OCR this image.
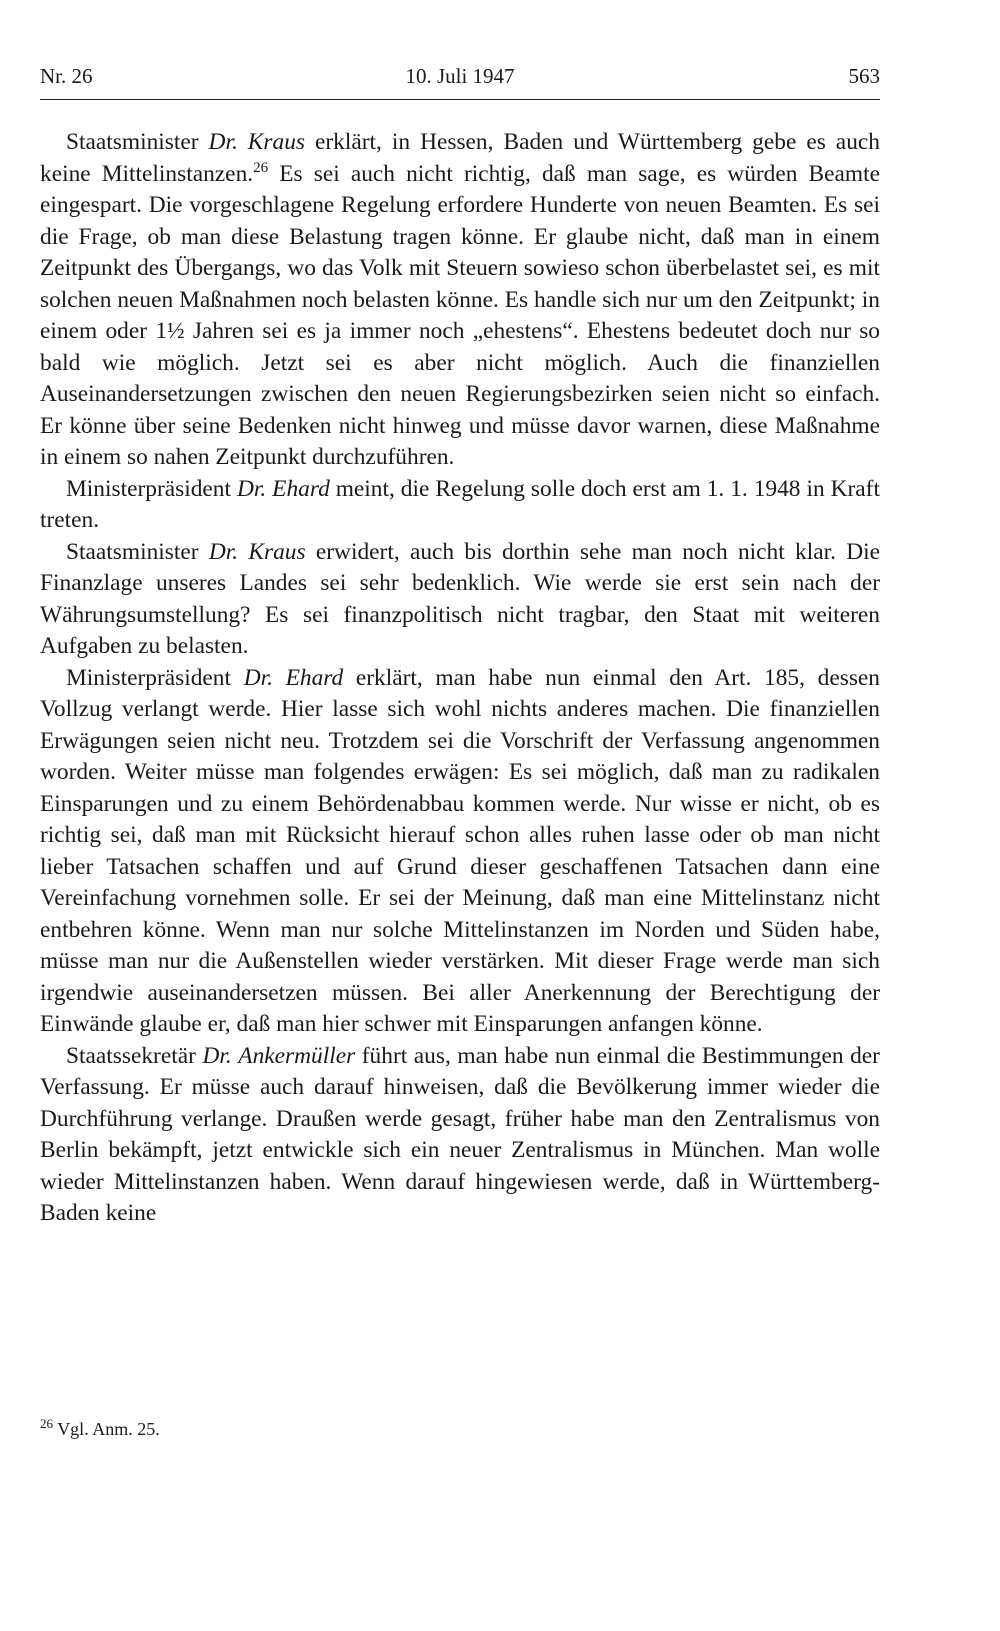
Nr. 26	10. Juli 1947	563

Staatsminister Dr. Kraus erklärt, in Hessen, Baden und Württemberg gebe es auch keine Mittelinstanzen.$^{26}$ Es sei auch nicht richtig, daß man sage, es würden Beamte eingespart. Die vorgeschlagene Regelung erfordere Hunderte von neuen Beamten. Es sei die Frage, ob man diese Belastung tragen könne. Er glaube nicht, daß man in einem Zeitpunkt des Übergangs, wo das Volk mit Steuern sowieso schon überbelastet sei, es mit solchen neuen Maßnahmen noch belasten könne. Es handle sich nur um den Zeitpunkt; in einem oder 1½ Jahren sei es ja immer noch „ehestens“. Ehestens bedeutet doch nur so bald wie möglich. Jetzt sei es aber nicht möglich. Auch die finanziellen Auseinandersetzungen zwischen den neuen Regierungsbezirken seien nicht so einfach. Er könne über seine Bedenken nicht hinweg und müsse davor warnen, diese Maßnahme in einem so nahen Zeitpunkt durchzuführen.

Ministerpräsident Dr. Ehard meint, die Regelung solle doch erst am 1. 1. 1948 in Kraft treten.

Staatsminister Dr. Kraus erwidert, auch bis dorthin sehe man noch nicht klar. Die Finanzlage unseres Landes sei sehr bedenklich. Wie werde sie erst sein nach der Währungsumstellung? Es sei finanzpolitisch nicht tragbar, den Staat mit weiteren Aufgaben zu belasten.

Ministerpräsident Dr. Ehard erklärt, man habe nun einmal den Art. 185, dessen Vollzug verlangt werde. Hier lasse sich wohl nichts anderes machen. Die finanziellen Erwägungen seien nicht neu. Trotzdem sei die Vorschrift der Verfassung angenommen worden. Weiter müsse man folgendes erwägen: Es sei möglich, daß man zu radikalen Einsparungen und zu einem Behördenabbau kommen werde. Nur wisse er nicht, ob es richtig sei, daß man mit Rücksicht hierauf schon alles ruhen lasse oder ob man nicht lieber Tatsachen schaffen und auf Grund dieser geschaffenen Tatsachen dann eine Vereinfachung vornehmen solle. Er sei der Meinung, daß man eine Mittelinstanz nicht entbehren könne. Wenn man nur solche Mittelinstanzen im Norden und Süden habe, müsse man nur die Außenstellen wieder verstärken. Mit dieser Frage werde man sich irgendwie auseinandersetzen müssen. Bei aller Anerkennung der Berechtigung der Einwände glaube er, daß man hier schwer mit Einsparungen anfangen könne.

Staatssekretär Dr. Ankermüller führt aus, man habe nun einmal die Bestimmungen der Verfassung. Er müsse auch darauf hinweisen, daß die Bevölkerung immer wieder die Durchführung verlange. Draußen werde gesagt, früher habe man den Zentralismus von Berlin bekämpft, jetzt entwickle sich ein neuer Zentralismus in München. Man wolle wieder Mittelinstanzen haben. Wenn darauf hingewiesen werde, daß in Württemberg-Baden keine

$^{26}$ Vgl. Anm. 25.
